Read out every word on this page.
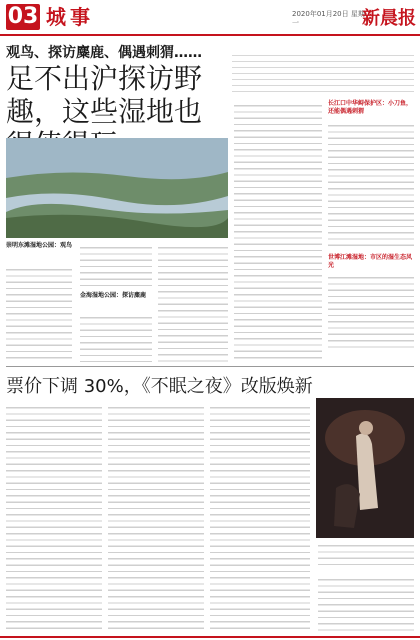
03 城事	2020年01月20日 星期一	新晨报
观鸟、探访麋鹿、偶遇刺猬……
足不出沪探访野趣，这些湿地也
崇明东滩湿地公园：观鸟
金海湿地公园：探访麋鹿
长江口中华鲟保护区：小刀鱼，还能偶遇刺猬
世博江滩湿地：市区的湿生态风光
票价下调 30%，《不眠之夜》改版焕新
